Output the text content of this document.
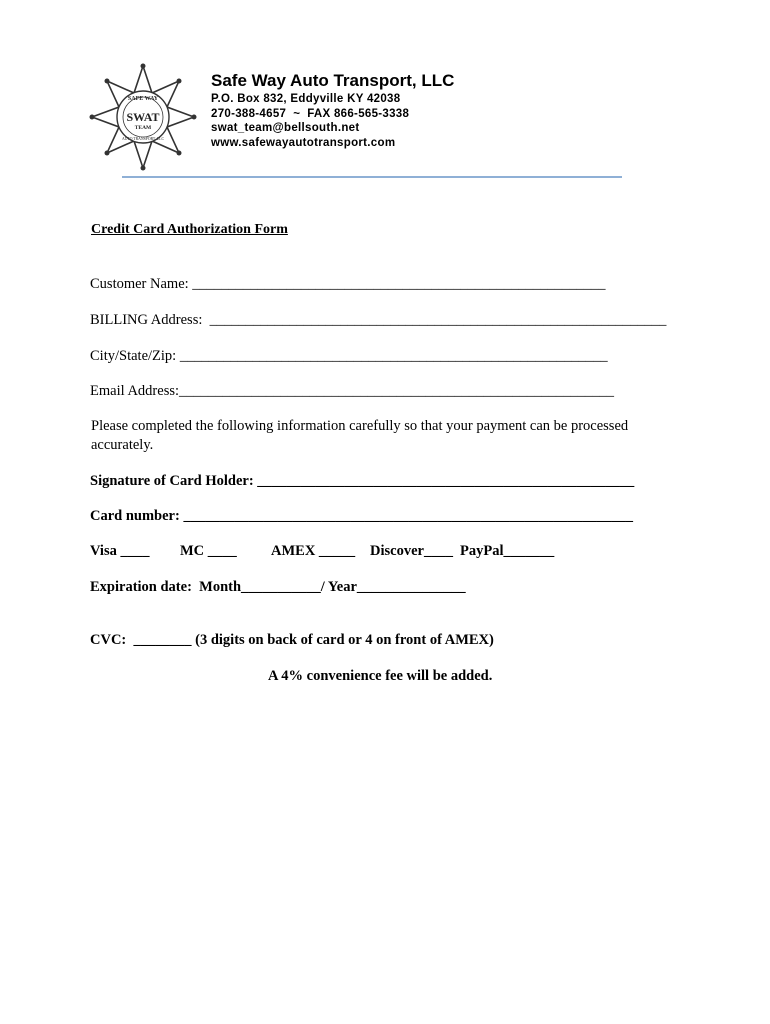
SAFE WAY
SWAT
TEAM
AUTO TRANSPORT, LLC
Safe Way Auto Transport, LLC
P.O. Box 832, Eddyville KY 42038
270-388-4657  ~  FAX 866-565-3338
swat_team@bellsouth.net
www.safewayautotransport.com
Credit Card Authorization Form
Customer Name: _________________________________________________________
BILLING Address:  _______________________________________________________________
City/State/Zip: ___________________________________________________________
Email Address:____________________________________________________________
Please completed the following information carefully so that your payment can be processed accurately.
Signature of Card Holder: ____________________________________________________
Card number: ______________________________________________________________
Visa ____ MC ____ AMEX _____ Discover____ PayPal_______
Expiration date:  Month___________/ Year_______________
CVC:  ________ (3 digits on back of card or 4 on front of AMEX)
A 4% convenience fee will be added.
